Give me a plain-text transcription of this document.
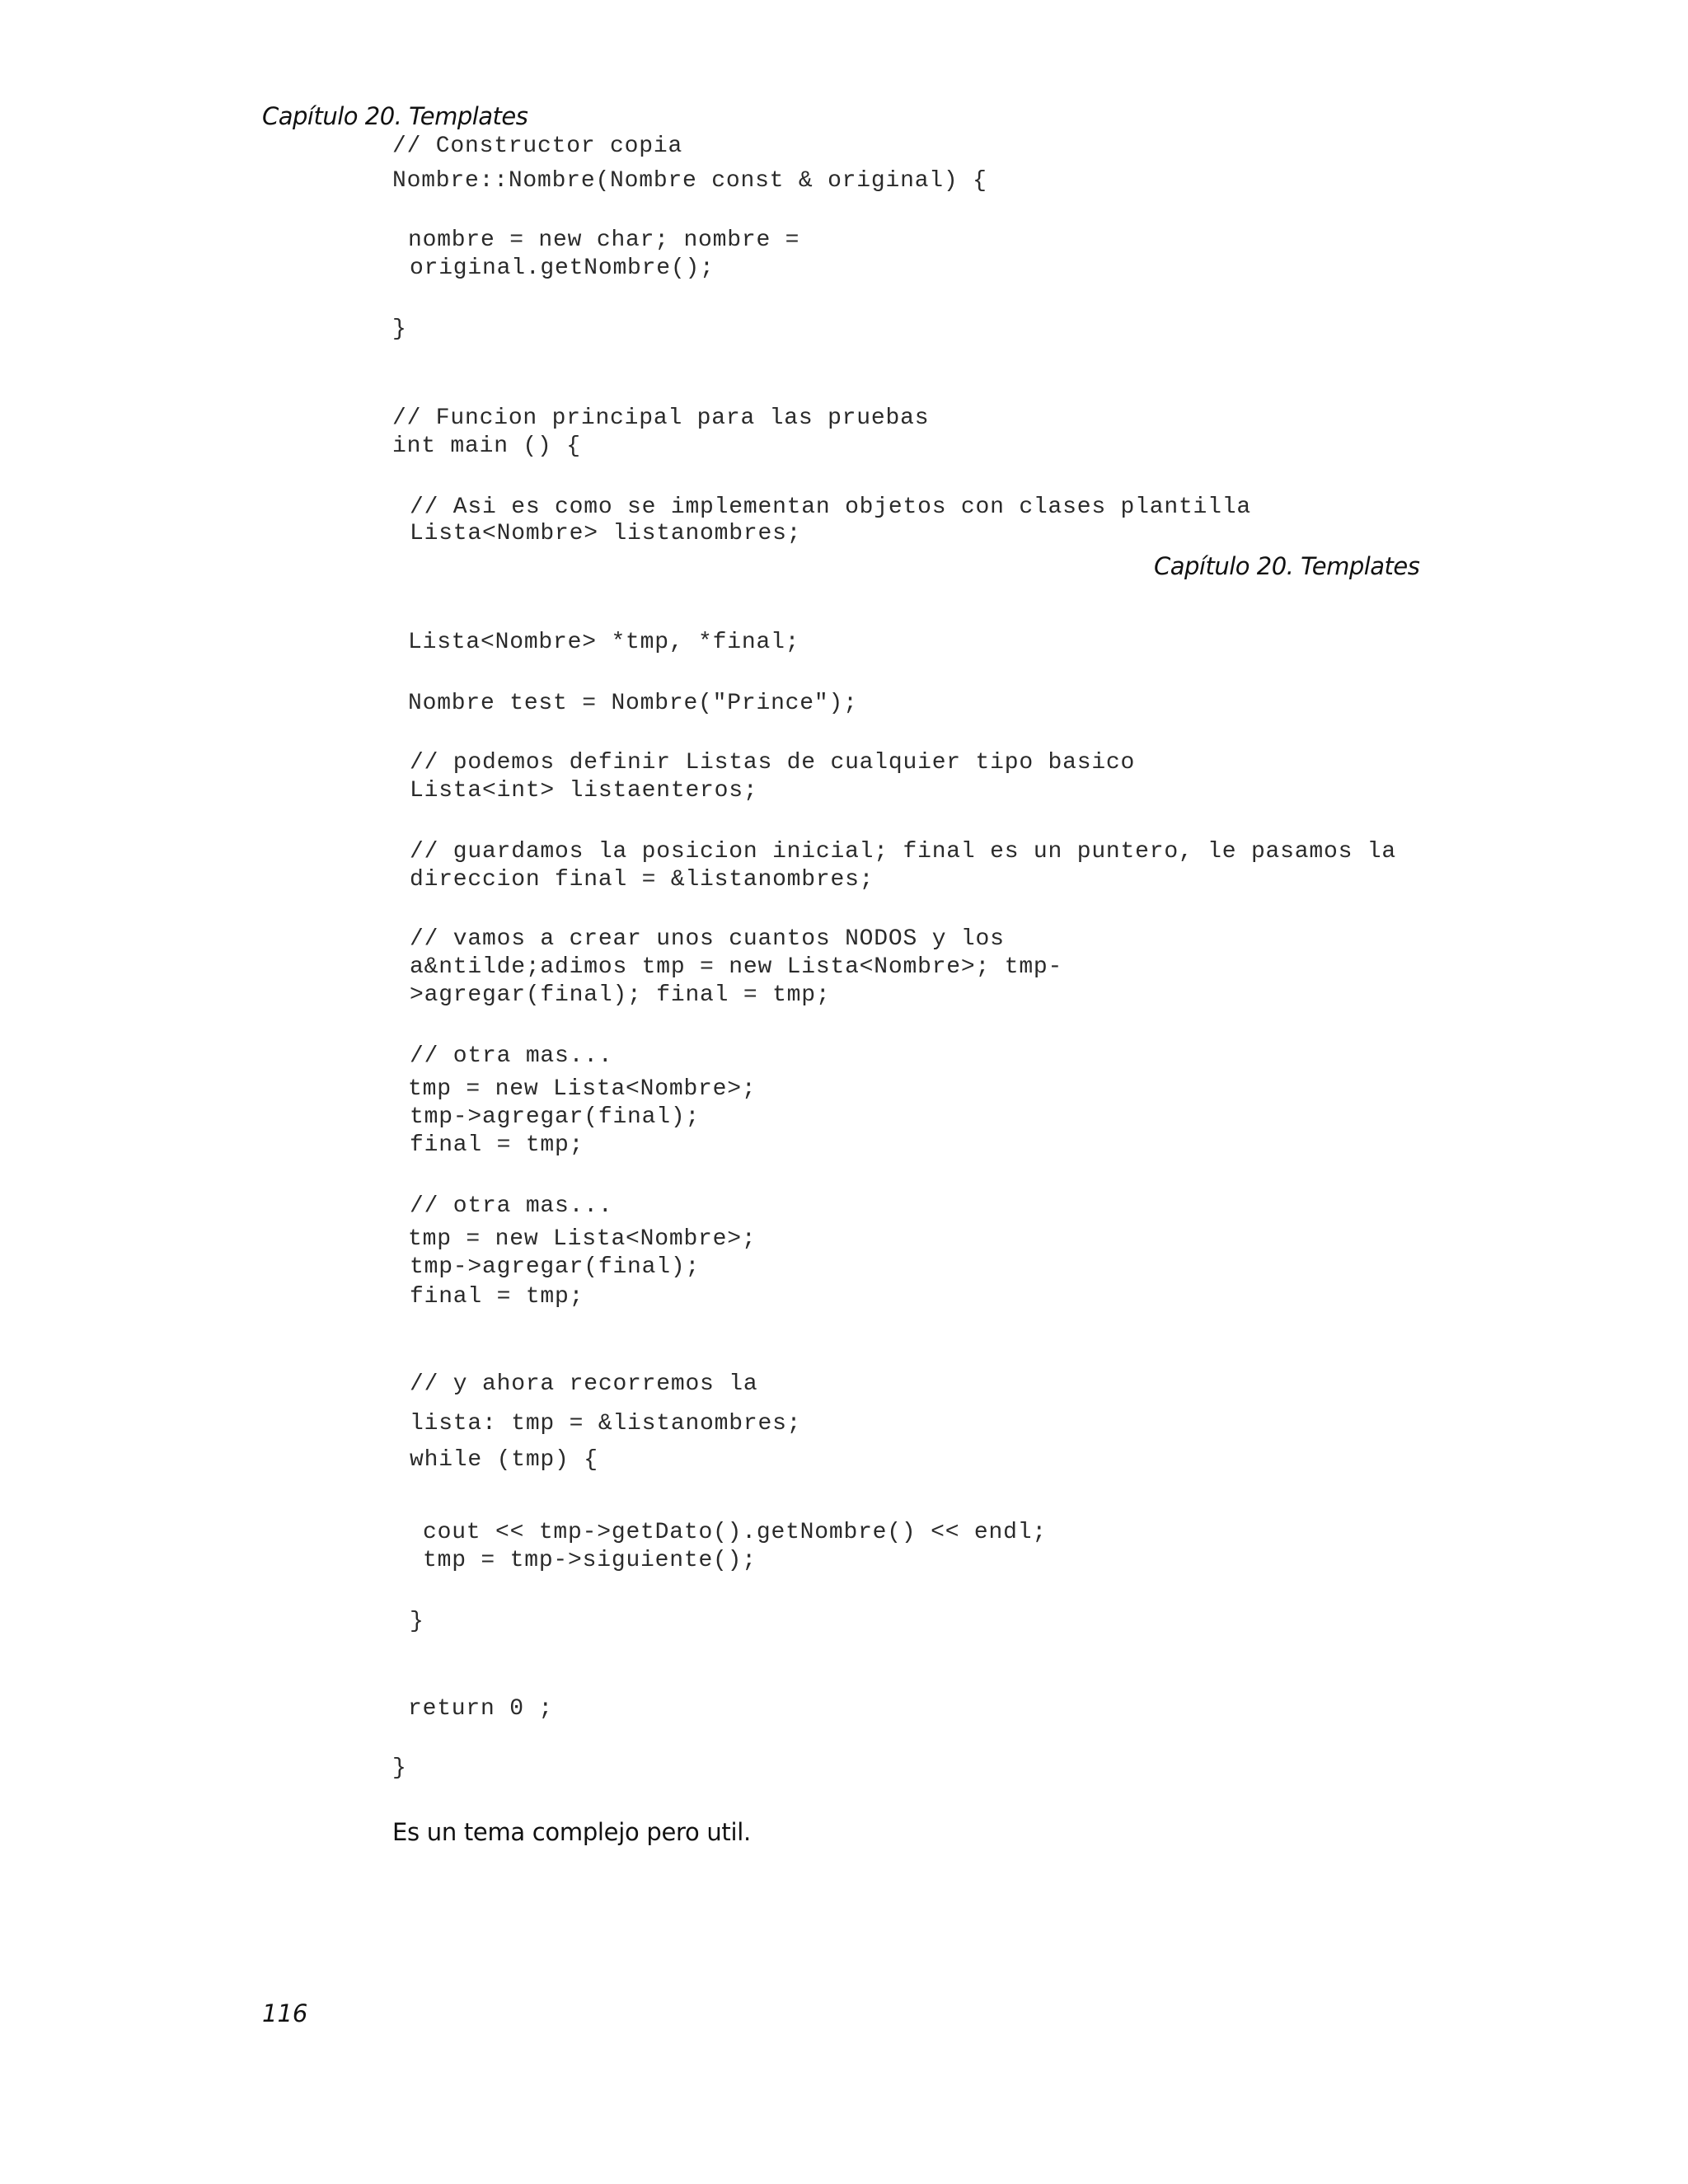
Capítulo 20. Templates
// Constructor copia
Nombre::Nombre(Nombre const & original) {
nombre = new char; nombre =
original.getNombre();
}
// Funcion principal para las pruebas
int main () {
// Asi es como se implementan objetos con clases plantilla
Lista<Nombre> listanombres;
Capítulo 20. Templates
Lista<Nombre> *tmp, *final;
Nombre test = Nombre("Prince");
// podemos definir Listas de cualquier tipo basico
Lista<int> listaenteros;
// guardamos la posicion inicial; final es un puntero, le pasamos la
direccion final = &listanombres;
// vamos a crear unos cuantos NODOS y los
a&ntilde;adimos tmp = new Lista<Nombre>; tmp-
>agregar(final); final = tmp;
// otra mas...
tmp = new Lista<Nombre>;
tmp->agregar(final);
final = tmp;
// otra mas...
tmp = new Lista<Nombre>;
tmp->agregar(final);
final = tmp;
// y ahora recorremos la
lista: tmp = &listanombres;
while (tmp) {
cout << tmp->getDato().getNombre() << endl;
tmp = tmp->siguiente();
}
return 0 ;
}
Es un tema complejo pero util.
116
